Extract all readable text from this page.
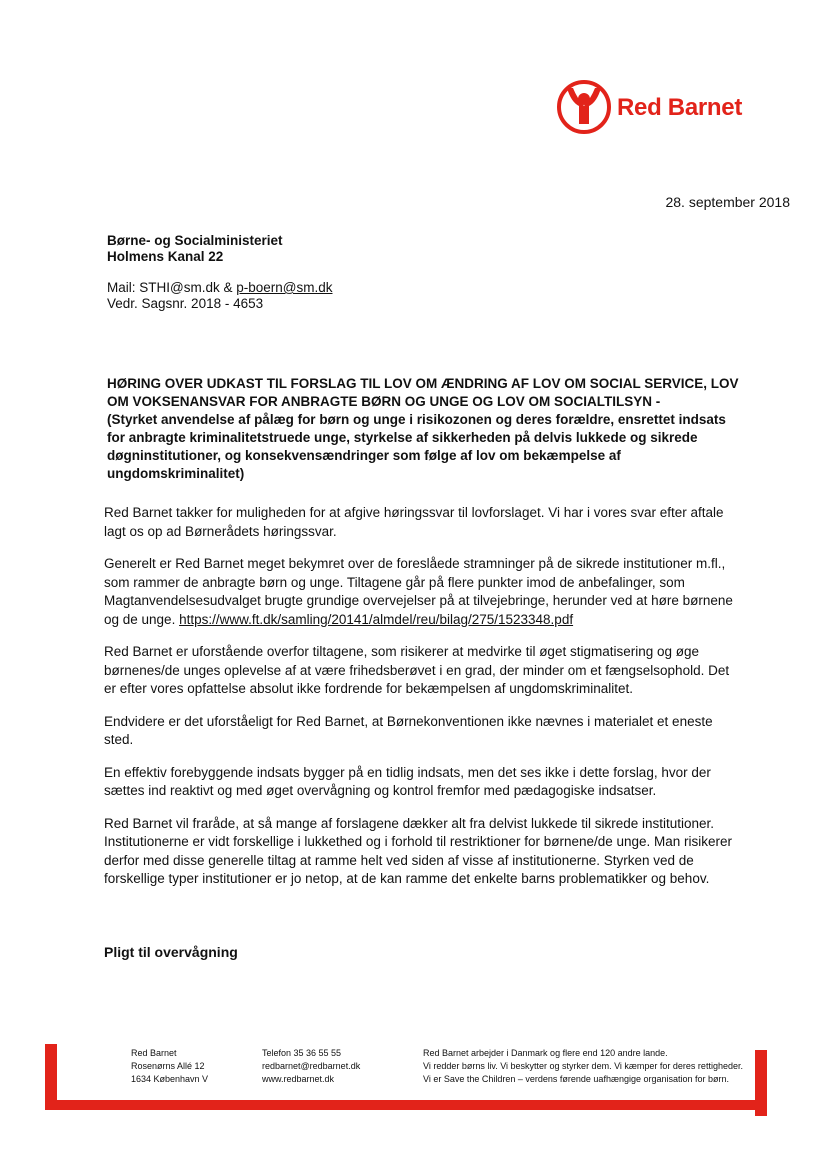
Red Barnet
28. september 2018
Børne- og Socialministeriet
Holmens Kanal 22
Mail: STHI@sm.dk & p-boern@sm.dk
Vedr. Sagsnr. 2018 - 4653
HØRING OVER UDKAST TIL FORSLAG TIL LOV OM ÆNDRING AF LOV OM SOCIAL SERVICE, LOV
OM VOKSENANSVAR FOR ANBRAGTE BØRN OG UNGE OG LOV OM SOCIALTILSYN -
(Styrket anvendelse af pålæg for børn og unge i risikozonen og deres forældre, ensrettet indsats
for anbragte kriminalitetstruede unge, styrkelse af sikkerheden på delvis lukkede og sikrede
døgninstitutioner, og konsekvensændringer som følge af lov om bekæmpelse af
ungdomskriminalitet)

Red Barnet takker for muligheden for at afgive høringssvar til lovforslaget. Vi har i vores svar efter aftale lagt os op ad Børnerådets høringssvar.

Generelt er Red Barnet meget bekymret over de foreslåede stramninger på de sikrede institutioner m.fl., som rammer de anbragte børn og unge. Tiltagene går på flere punkter imod de anbefalinger, som Magtanvendelsesudvalget brugte grundige overvejelser på at tilvejebringe, herunder ved at høre børnene og de unge. https://www.ft.dk/samling/20141/almdel/reu/bilag/275/1523348.pdf

Red Barnet er uforstående overfor tiltagene, som risikerer at medvirke til øget stigmatisering og øge børnenes/de unges oplevelse af at være frihedsberøvet i en grad, der minder om et fængselsophold. Det er efter vores opfattelse absolut ikke fordrende for bekæmpelsen af ungdomskriminalitet.

Endvidere er det uforståeligt for Red Barnet, at Børnekonventionen ikke nævnes i materialet et eneste sted.

En effektiv forebyggende indsats bygger på en tidlig indsats, men det ses ikke i dette forslag, hvor der sættes ind reaktivt og med øget overvågning og kontrol fremfor med pædagogiske indsatser.

Red Barnet vil fraråde, at så mange af forslagene dækker alt fra delvist lukkede til sikrede institutioner. Institutionerne er vidt forskellige i lukkethed og i forhold til restriktioner for børnene/de unge. Man risikerer derfor med disse generelle tiltag at ramme helt ved siden af visse af institutionerne. Styrken ved de forskellige typer institutioner er jo netop, at de kan ramme det enkelte barns problematikker og behov.

Pligt til overvågning
Red Barnet
Rosenørns Allé 12
1634 København V
Telefon 35 36 55 55
redbarnet@redbarnet.dk
www.redbarnet.dk
Red Barnet arbejder i Danmark og flere end 120 andre lande.
Vi redder børns liv. Vi beskytter og styrker dem. Vi kæmper for deres rettigheder.
Vi er Save the Children – verdens førende uafhængige organisation for børn.
